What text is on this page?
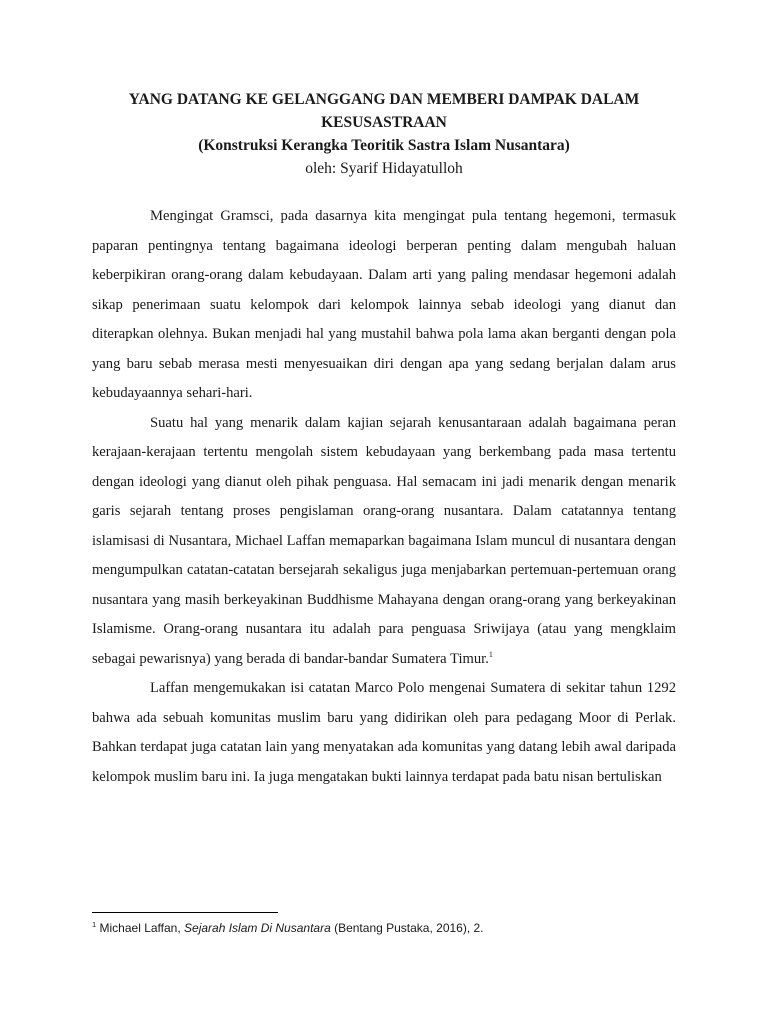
YANG DATANG KE GELANGGANG DAN MEMBERI DAMPAK DALAM
KESUSASTRAAN
(Konstruksi Kerangka Teoritik Sastra Islam Nusantara)
oleh: Syarif Hidayatulloh

Mengingat Gramsci, pada dasarnya kita mengingat pula tentang hegemoni, termasuk paparan pentingnya tentang bagaimana ideologi berperan penting dalam mengubah haluan keberpikiran orang-orang dalam kebudayaan. Dalam arti yang paling mendasar hegemoni adalah sikap penerimaan suatu kelompok dari kelompok lainnya sebab ideologi yang dianut dan diterapkan olehnya. Bukan menjadi hal yang mustahil bahwa pola lama akan berganti dengan pola yang baru sebab merasa mesti menyesuaikan diri dengan apa yang sedang berjalan dalam arus kebudayaannya sehari-hari.

Suatu hal yang menarik dalam kajian sejarah kenusantaraan adalah bagaimana peran kerajaan-kerajaan tertentu mengolah sistem kebudayaan yang berkembang pada masa tertentu dengan ideologi yang dianut oleh pihak penguasa. Hal semacam ini jadi menarik dengan menarik garis sejarah tentang proses pengislaman orang-orang nusantara. Dalam catatannya tentang islamisasi di Nusantara, Michael Laffan memaparkan bagaimana Islam muncul di nusantara dengan mengumpulkan catatan-catatan bersejarah sekaligus juga menjabarkan pertemuan-pertemuan orang nusantara yang masih berkeyakinan Buddhisme Mahayana dengan orang-orang yang berkeyakinan Islamisme. Orang-orang nusantara itu adalah para penguasa Sriwijaya (atau yang mengklaim sebagai pewarisnya) yang berada di bandar-bandar Sumatera Timur.$^1$

Laffan mengemukakan isi catatan Marco Polo mengenai Sumatera di sekitar tahun 1292 bahwa ada sebuah komunitas muslim baru yang didirikan oleh para pedagang Moor di Perlak. Bahkan terdapat juga catatan lain yang menyatakan ada komunitas yang datang lebih awal daripada kelompok muslim baru ini. Ia juga mengatakan bukti lainnya terdapat pada batu nisan bertuliskan

$^1$ Michael Laffan, Sejarah Islam Di Nusantara (Bentang Pustaka, 2016), 2.
